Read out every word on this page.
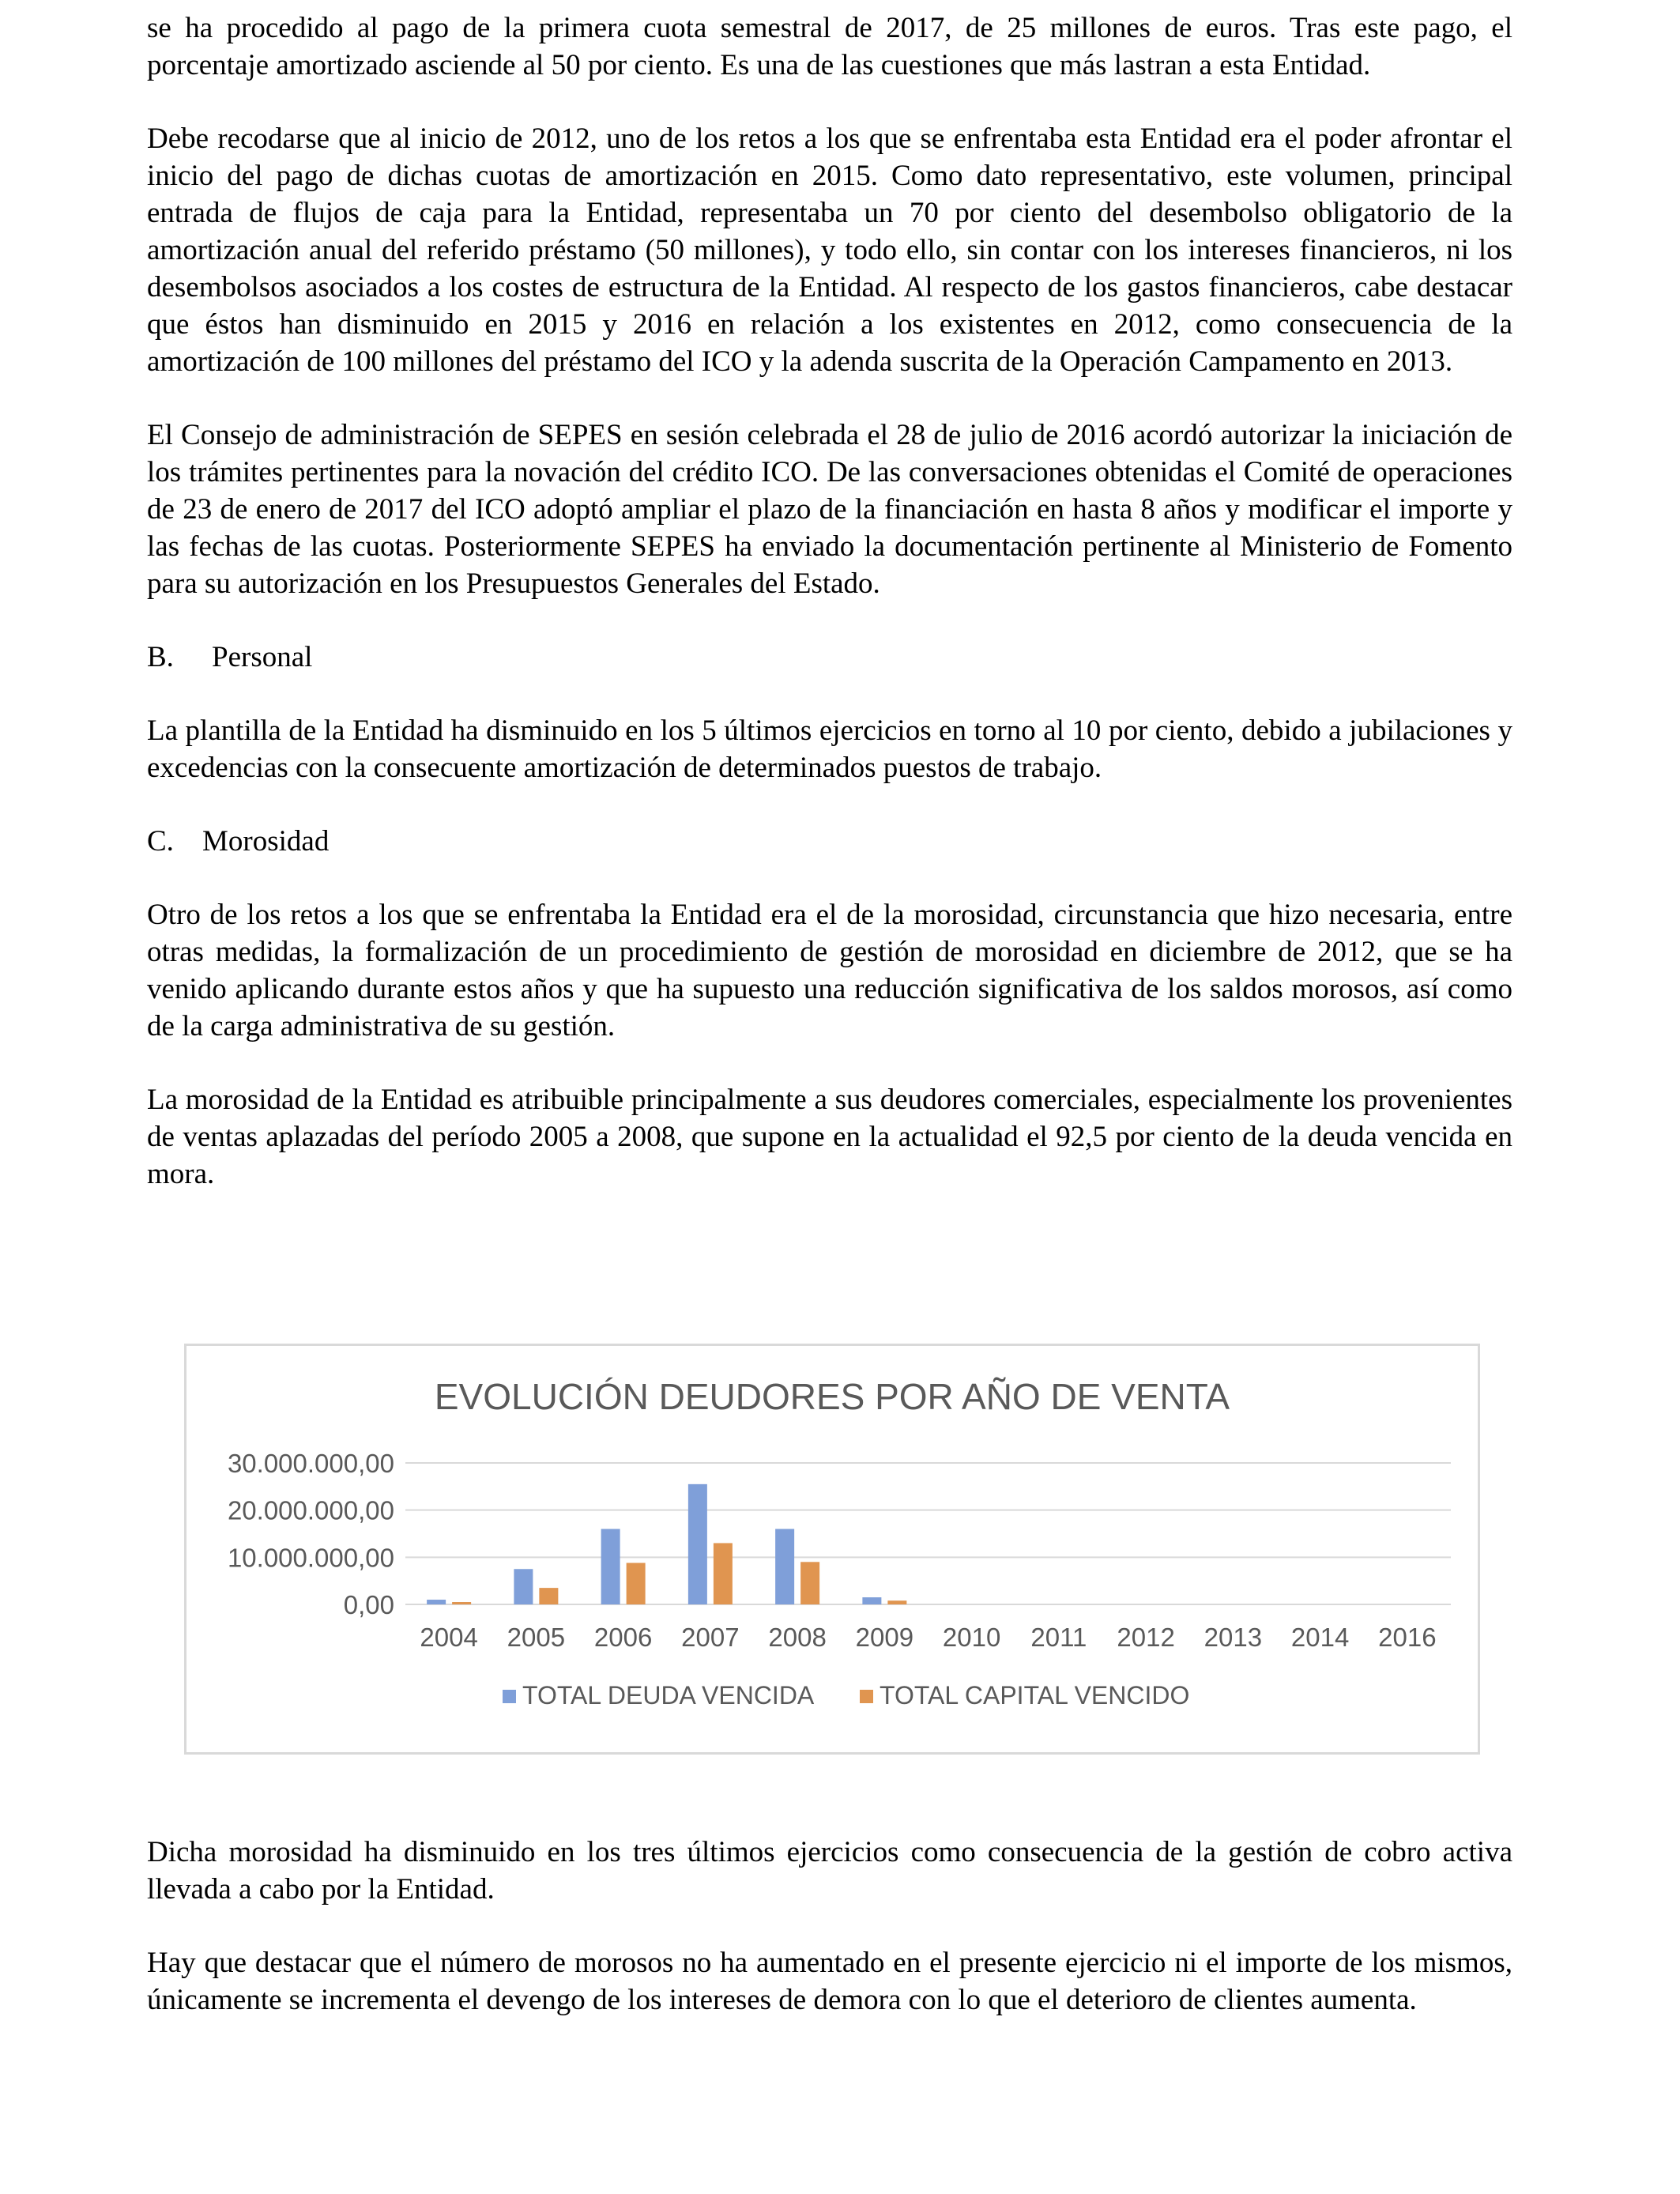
se ha procedido al pago de la primera cuota semestral de 2017, de 25 millones de euros. Tras este pago, el porcentaje amortizado asciende al 50 por ciento. Es una de las cuestiones que más lastran a esta Entidad.

Debe recodarse que al inicio de 2012, uno de los retos a los que se enfrentaba esta Entidad era el poder afrontar el inicio del pago de dichas cuotas de amortización en 2015. Como dato representativo, este volumen, principal entrada de flujos de caja para la Entidad, representaba un 70 por ciento del desembolso obligatorio de la amortización anual del referido préstamo (50 millones), y todo ello, sin contar con los intereses financieros, ni los desembolsos asociados a los costes de estructura de la Entidad. Al respecto de los gastos financieros, cabe destacar que éstos han disminuido en 2015 y 2016 en relación a los existentes en 2012, como consecuencia de la amortización de 100 millones del préstamo del ICO y la adenda suscrita de la Operación Campamento en 2013.

El Consejo de administración de SEPES en sesión celebrada el 28 de julio de 2016 acordó autorizar la iniciación de los trámites pertinentes para la novación del crédito ICO. De las conversaciones obtenidas el Comité de operaciones de 23 de enero de 2017 del ICO adoptó ampliar el plazo de la financiación en hasta 8 años y modificar el importe y las fechas de las cuotas. Posteriormente SEPES ha enviado la documentación pertinente al Ministerio de Fomento para su autorización en los Presupuestos Generales del Estado.

B.	Personal

La plantilla de la Entidad ha disminuido en los 5 últimos ejercicios en torno al 10 por ciento, debido a jubilaciones y excedencias con la consecuente amortización de determinados puestos de trabajo.

C. Morosidad

Otro de los retos a los que se enfrentaba la Entidad era el de la morosidad, circunstancia que hizo necesaria, entre otras medidas, la formalización de un procedimiento de gestión de morosidad en diciembre de 2012, que se ha venido aplicando durante estos años y que ha supuesto una reducción significativa de los saldos morosos, así como de la carga administrativa de su gestión.

La morosidad de la Entidad es atribuible principalmente a sus deudores comerciales, especialmente los provenientes de ventas aplazadas del período 2005 a 2008, que supone en la actualidad el 92,5 por ciento de la deuda vencida en mora.

EVOLUCIÓN DEUDORES POR AÑO DE VENTA
0,00
10.000.000,00
20.000.000,00
30.000.000,00
2004 2005 2006 2007 2008 2009 2010 2011 2012 2013 2014 2016
TOTAL DEUDA VENCIDA	TOTAL CAPITAL VENCIDO

Dicha morosidad ha disminuido en los tres últimos ejercicios como consecuencia de la gestión de cobro activa llevada a cabo por la Entidad.

Hay que destacar que el número de morosos no ha aumentado en el presente ejercicio ni el importe de los mismos, únicamente se incrementa el devengo de los intereses de demora con lo que el deterioro de clientes aumenta.
